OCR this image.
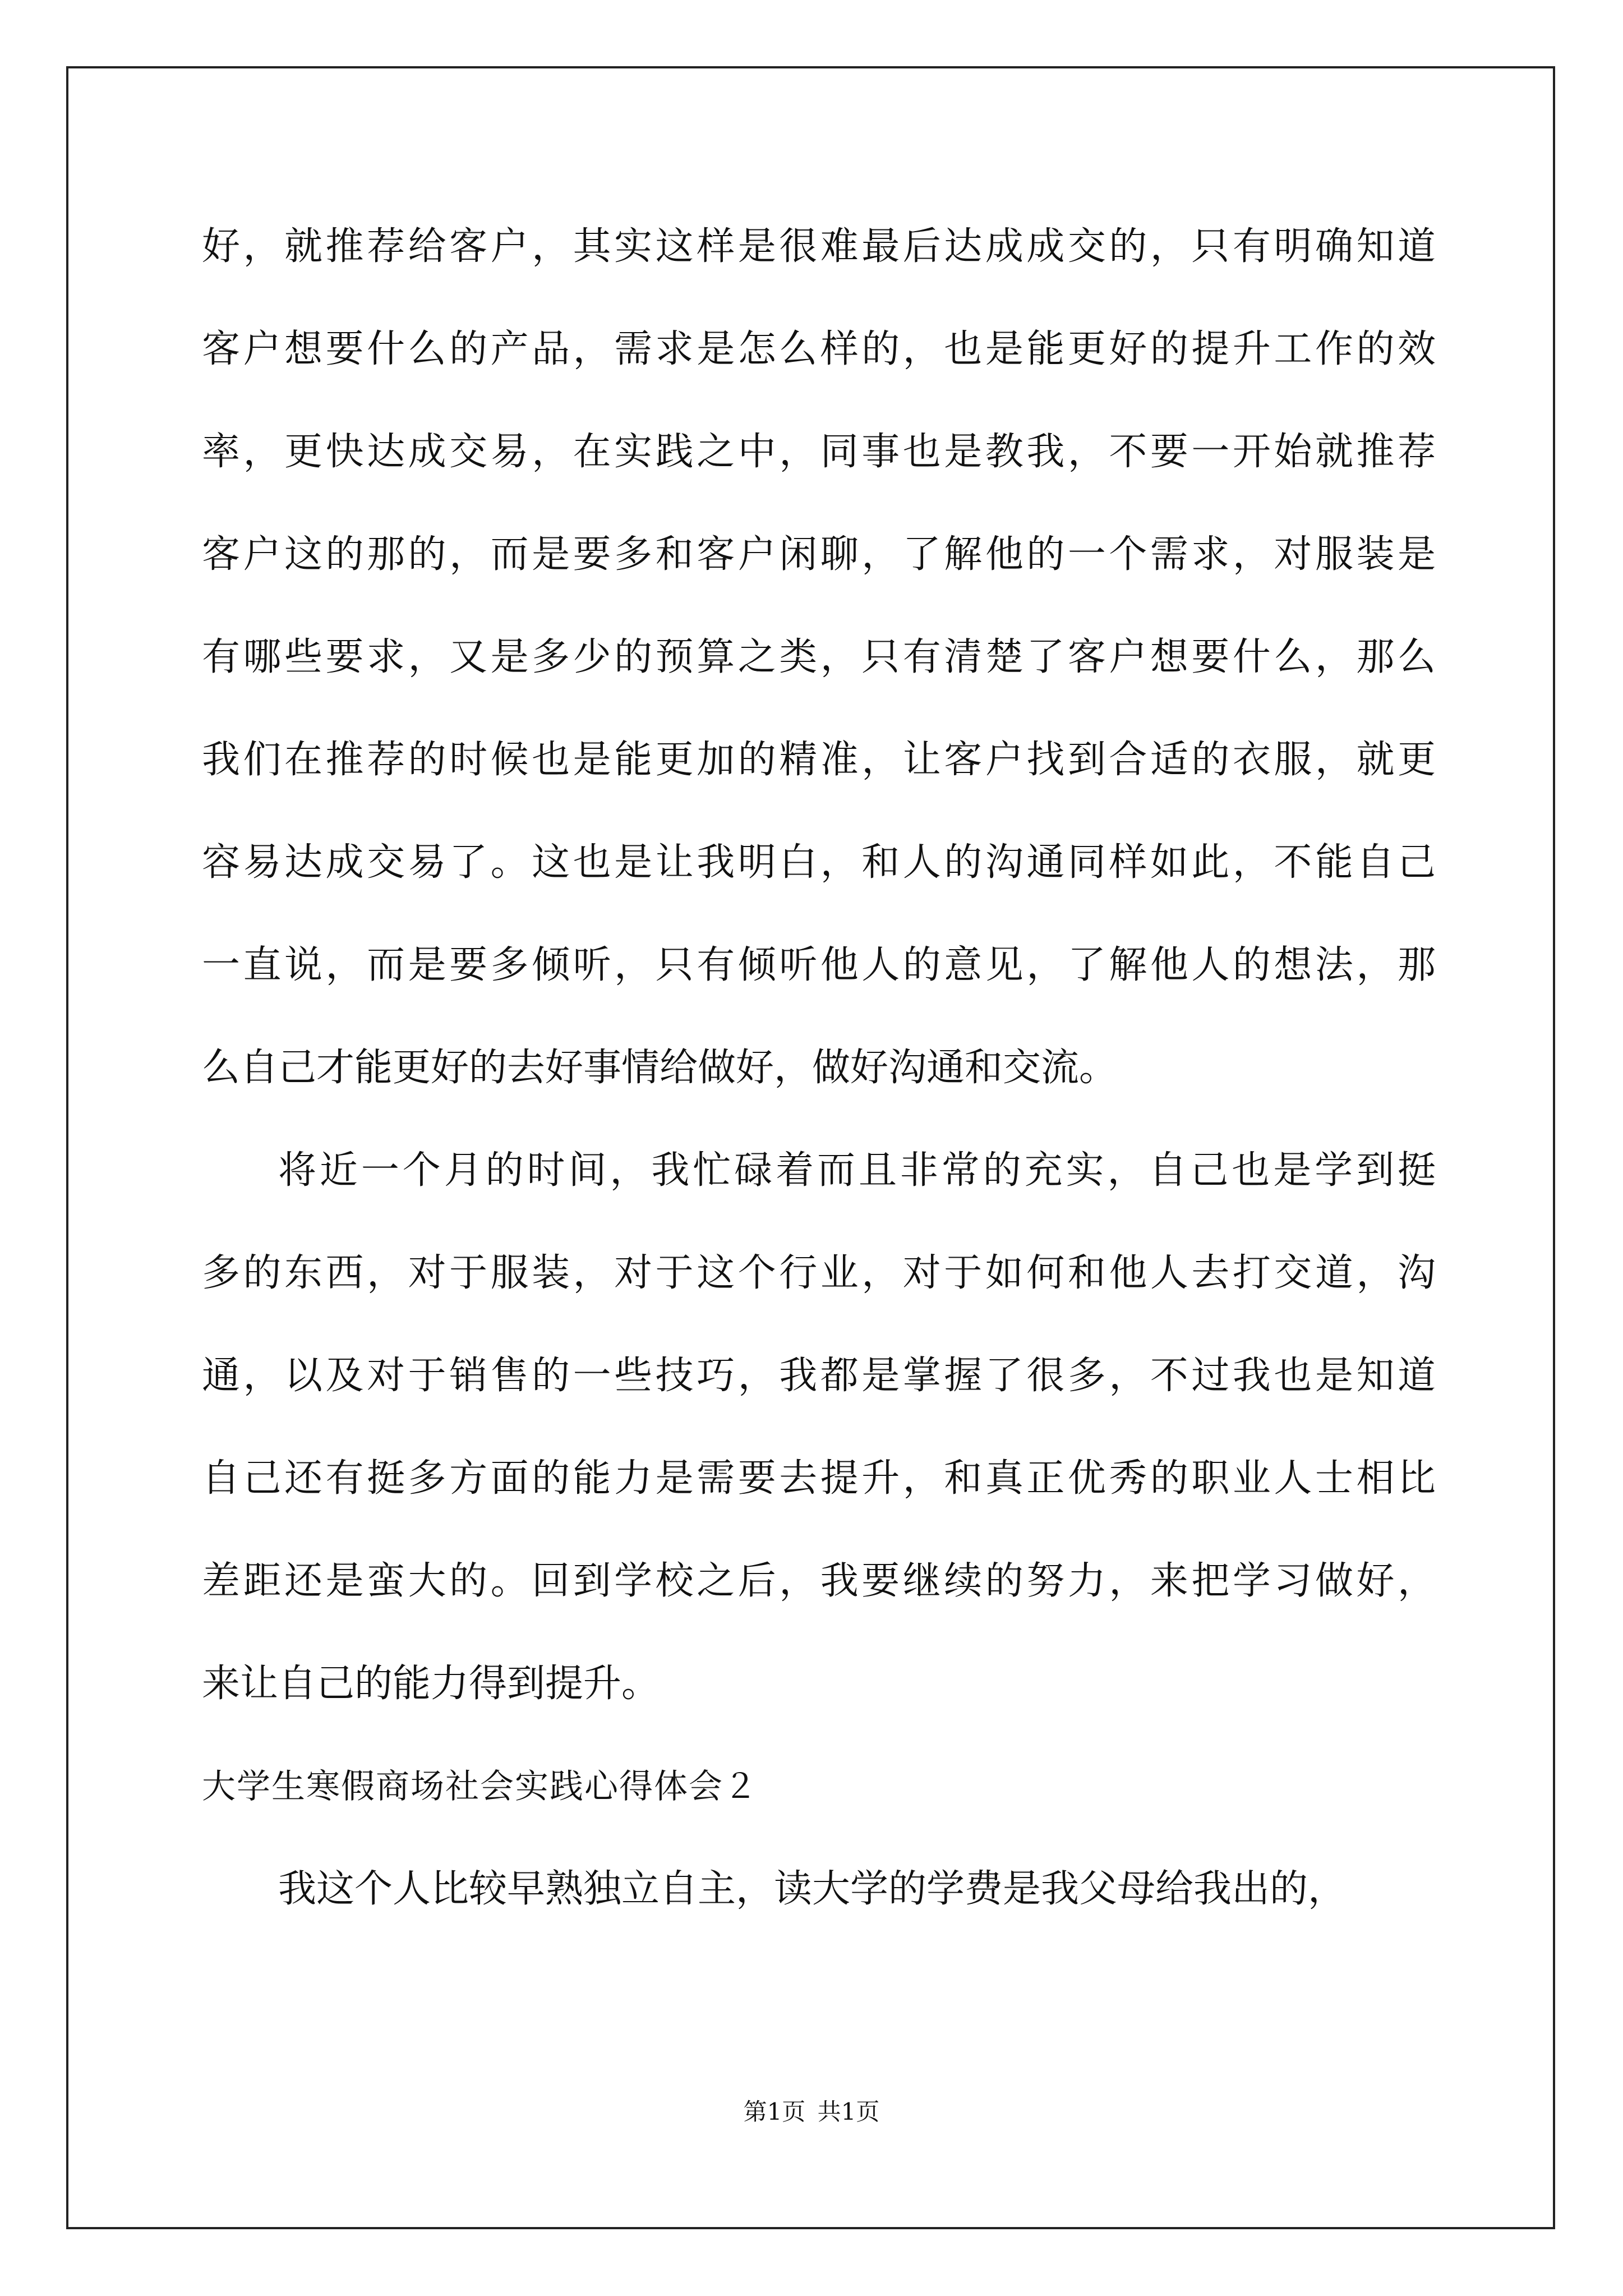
好，就推荐给客户，其实这样是很难最后达成成交的，只有明确知道
客户想要什么的产品，需求是怎么样的，也是能更好的提升工作的效
率，更快达成交易，在实践之中，同事也是教我，不要一开始就推荐
客户这的那的，而是要多和客户闲聊，了解他的一个需求，对服装是
有哪些要求，又是多少的预算之类，只有清楚了客户想要什么，那么
我们在推荐的时候也是能更加的精准，让客户找到合适的衣服，就更
容易达成交易了。这也是让我明白，和人的沟通同样如此，不能自己
一直说，而是要多倾听，只有倾听他人的意见，了解他人的想法，那
么自己才能更好的去好事情给做好，做好沟通和交流。
将近一个月的时间，我忙碌着而且非常的充实，自己也是学到挺
多的东西，对于服装，对于这个行业，对于如何和他人去打交道，沟
通，以及对于销售的一些技巧，我都是掌握了很多，不过我也是知道
自己还有挺多方面的能力是需要去提升，和真正优秀的职业人士相比
差距还是蛮大的。回到学校之后，我要继续的努力，来把学习做好，
来让自己的能力得到提升。
大学生寒假商场社会实践心得体会２
我这个人比较早熟独立自主，读大学的学费是我父母给我出的，
第1页 共1页
